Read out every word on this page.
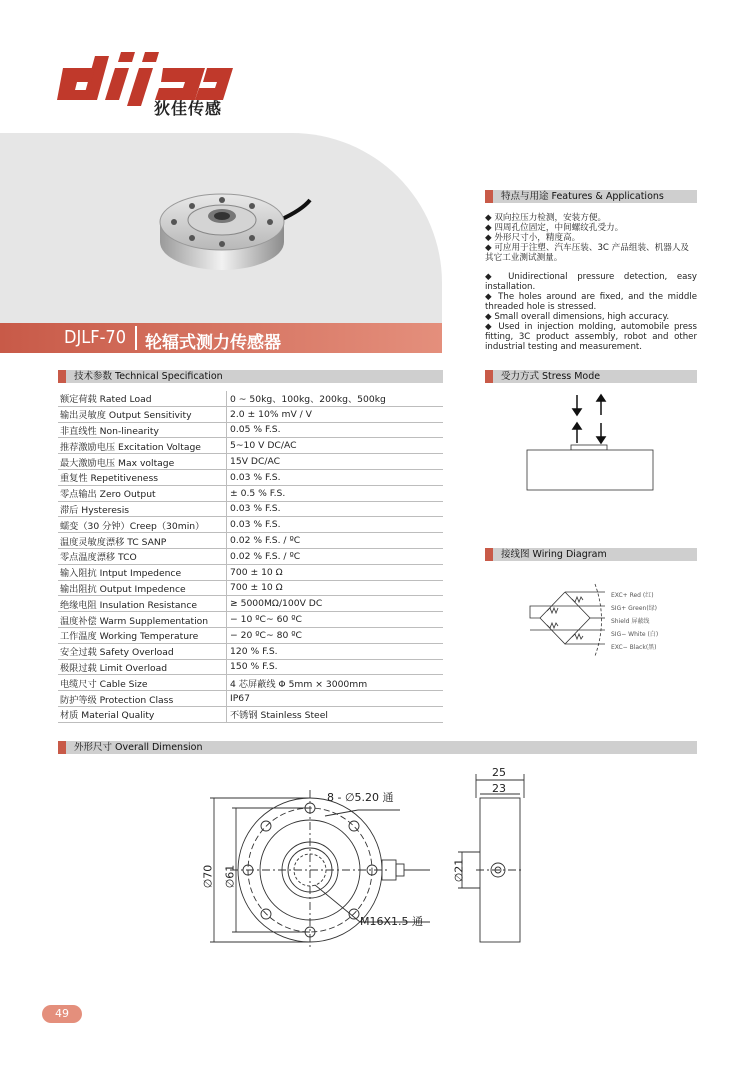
狄佳传感
DJLF-70 轮辐式测力传感器
特点与用途 Features & Applications
◆ 双向拉压力检测，安装方便。
◆ 四周孔位固定，中间螺纹孔受力。
◆ 外形尺寸小，精度高。
◆ 可应用于注塑、汽车压装、3C 产品组装、机器人及其它工业测试测量。
◆ Unidirectional pressure detection, easy installation.
◆ The holes around are fixed, and the middle threaded hole is stressed.
◆ Small overall dimensions, high accuracy.
◆ Used in injection molding, automobile press fitting, 3C product assembly, robot and other industrial testing and measurement.
技术参数 Technical Specification
额定荷载 Rated Load	0 ~ 50kg、100kg、200kg、500kg
输出灵敏度 Output Sensitivity	2.0 ± 10% mV / V
非直线性 Non-linearity	0.05 % F.S.
推荐激励电压 Excitation Voltage	5~10 V DC/AC
最大激励电压 Max voltage	15V DC/AC
重复性 Repetitiveness	0.03 % F.S.
零点输出 Zero Output	± 0.5 % F.S.
滞后 Hysteresis	0.03 % F.S.
蠕变（30 分钟）Creep（30min）	0.03 % F.S.
温度灵敏度漂移 TC SANP	0.02 % F.S. / ºC
零点温度漂移 TCO	0.02 % F.S. / ºC
输入阻抗 Intput Impedence	700 ± 10 Ω
输出阻抗 Output Impedence	700 ± 10 Ω
绝缘电阻 Insulation Resistance	≥ 5000MΩ/100V DC
温度补偿 Warm Supplementation	− 10 ºC~ 60 ºC
工作温度 Working Temperature	− 20 ºC~ 80 ºC
安全过载 Safety Overload	120 % F.S.
极限过载 Limit Overload	150 % F.S.
电缆尺寸 Cable Size	4 芯屏蔽线 Φ 5mm × 3000mm
防护等级 Protection Class	IP67
材质 Material Quality	不锈钢 Stainless Steel
受力方式 Stress Mode
接线图 Wiring Diagram
EXC+ Red (红)
SIG+ Green(绿)
Shield 屏蔽线
SIG− White (白)
EXC− Black(黑)
外形尺寸 Overall Dimension
8 - ∅5.20 通
∅70 ∅61
M16X1.5 通
25
23
∅21
49
